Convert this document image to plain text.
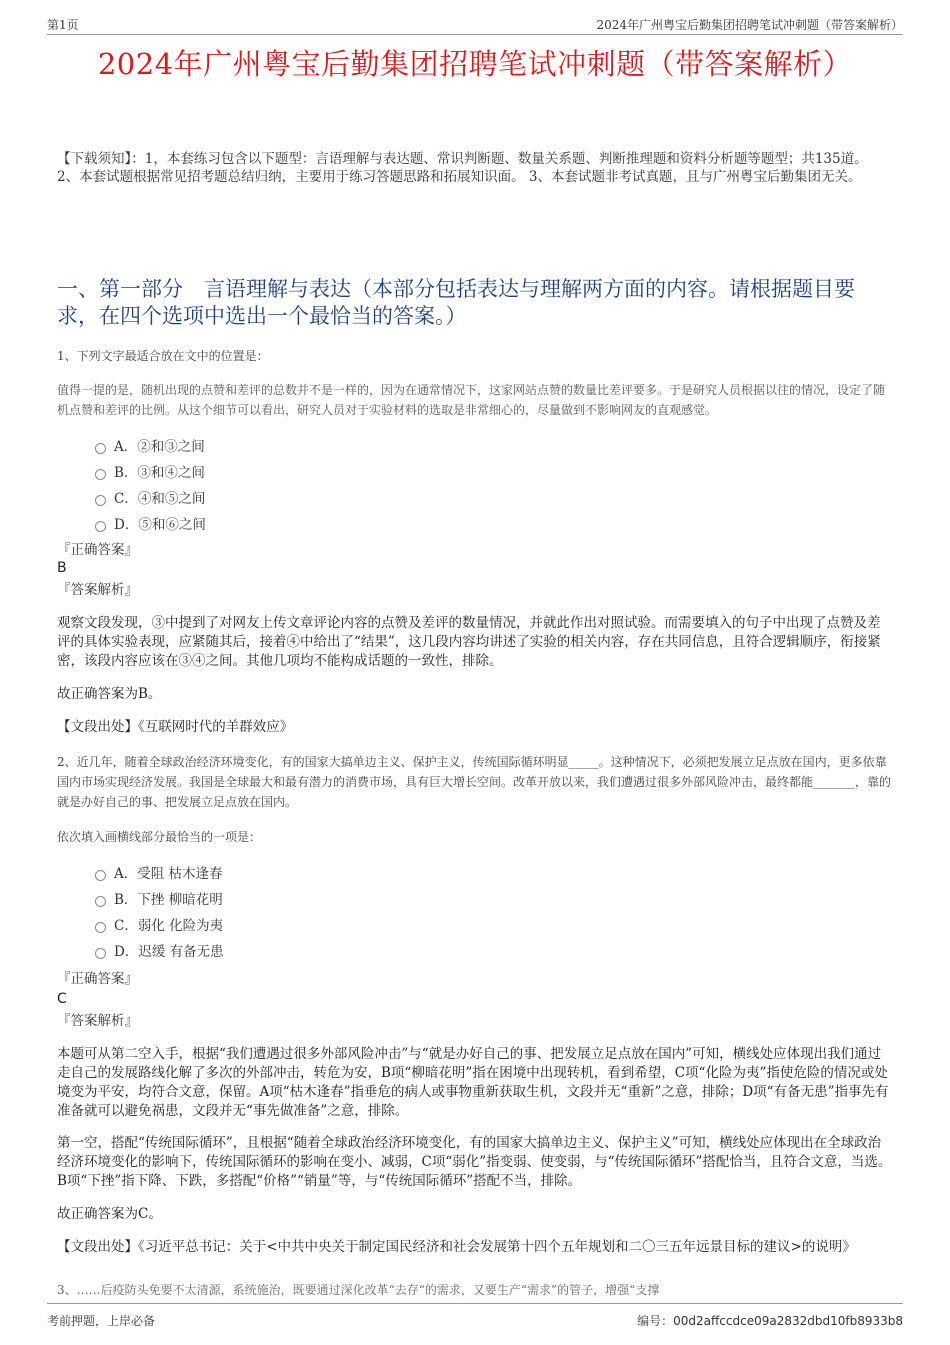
第1页	2024年广州粤宝后勤集团招聘笔试冲刺题（带答案解析）
2024年广州粤宝后勤集团招聘笔试冲刺题（带答案解析）
【下载须知】：1，本套练习包含以下题型：言语理解与表达题、常识判断题、数量关系题、判断推理题和资料分析题等题型；共135道。 2、本套试题根据常见招考题总结归纳，主要用于练习答题思路和拓展知识面。 3、本套试题非考试真题，且与广州粤宝后勤集团无关。
一、第一部分　言语理解与表达（本部分包括表达与理解两方面的内容。请根据题目要求，在四个选项中选出一个最恰当的答案。）
1、下列文字最适合放在文中的位置是：
值得一提的是，随机出现的点赞和差评的总数并不是一样的，因为在通常情况下，这家网站点赞的数量比差评要多。于是研究人员根据以往的情况，设定了随机点赞和差评的比例。从这个细节可以看出，研究人员对于实验材料的选取是非常细心的，尽量做到不影响网友的直观感觉。
A．②和③之间
B．③和④之间
C．④和⑤之间
D．⑤和⑥之间
『正确答案』
B
『答案解析』
观察文段发现，③中提到了对网友上传文章评论内容的点赞及差评的数量情况，并就此作出对照试验。而需要填入的句子中出现了点赞及差评的具体实验表现，应紧随其后，接着④中给出了“结果”，这几段内容均讲述了实验的相关内容，存在共同信息，且符合逻辑顺序，衔接紧密，该段内容应该在③④之间。其他几项均不能构成话题的一致性，排除。
故正确答案为B。
【文段出处】《互联网时代的羊群效应》
2、近几年，随着全球政治经济环境变化，有的国家大搞单边主义、保护主义，传统国际循环明显_____。这种情况下，必须把发展立足点放在国内，更多依靠国内市场实现经济发展。我国是全球最大和最有潜力的消费市场，具有巨大增长空间。改革开放以来，我们遭遇过很多外部风险冲击，最终都能_______，靠的就是办好自己的事、把发展立足点放在国内。
依次填入画横线部分最恰当的一项是：
A．受阻 枯木逢春
B．下挫 柳暗花明
C．弱化 化险为夷
D．迟缓 有备无患
『正确答案』
C
『答案解析』
本题可从第二空入手，根据“我们遭遇过很多外部风险冲击”与“就是办好自己的事、把发展立足点放在国内”可知，横线处应体现出我们通过走自己的发展路线化解了多次的外部冲击，转危为安，B项“柳暗花明”指在困境中出现转机，看到希望，C项“化险为夷”指使危险的情况或处境变为平安，均符合文意，保留。A项“枯木逢春”指垂危的病人或事物重新获取生机，文段并无“重新”之意，排除；D项“有备无患”指事先有准备就可以避免祸患，文段并无“事先做准备”之意，排除。
第一空，搭配“传统国际循环”，且根据“随着全球政治经济环境变化，有的国家大搞单边主义、保护主义”可知，横线处应体现出在全球政治经济环境变化的影响下，传统国际循环的影响在变小、减弱，C项“弱化”指变弱、使变弱，与“传统国际循环”搭配恰当，且符合文意，当选。B项“下挫”指下降、下跌，多搭配“价格”“销量”等，与“传统国际循环”搭配不当，排除。
故正确答案为C。
【文段出处】《习近平总书记：关于<中共中央关于制定国民经济和社会发展第十四个五年规划和二〇三五年远景目标的建议>的说明》
3、……后疫防头免要不太清源，系统施治，既要通过深化改革“去存“的需求，又要生产“需求”的管子，增强“支撑
考前押题，上岸必备	编号：00d2affccdce09a2832dbd10fb8933b8
